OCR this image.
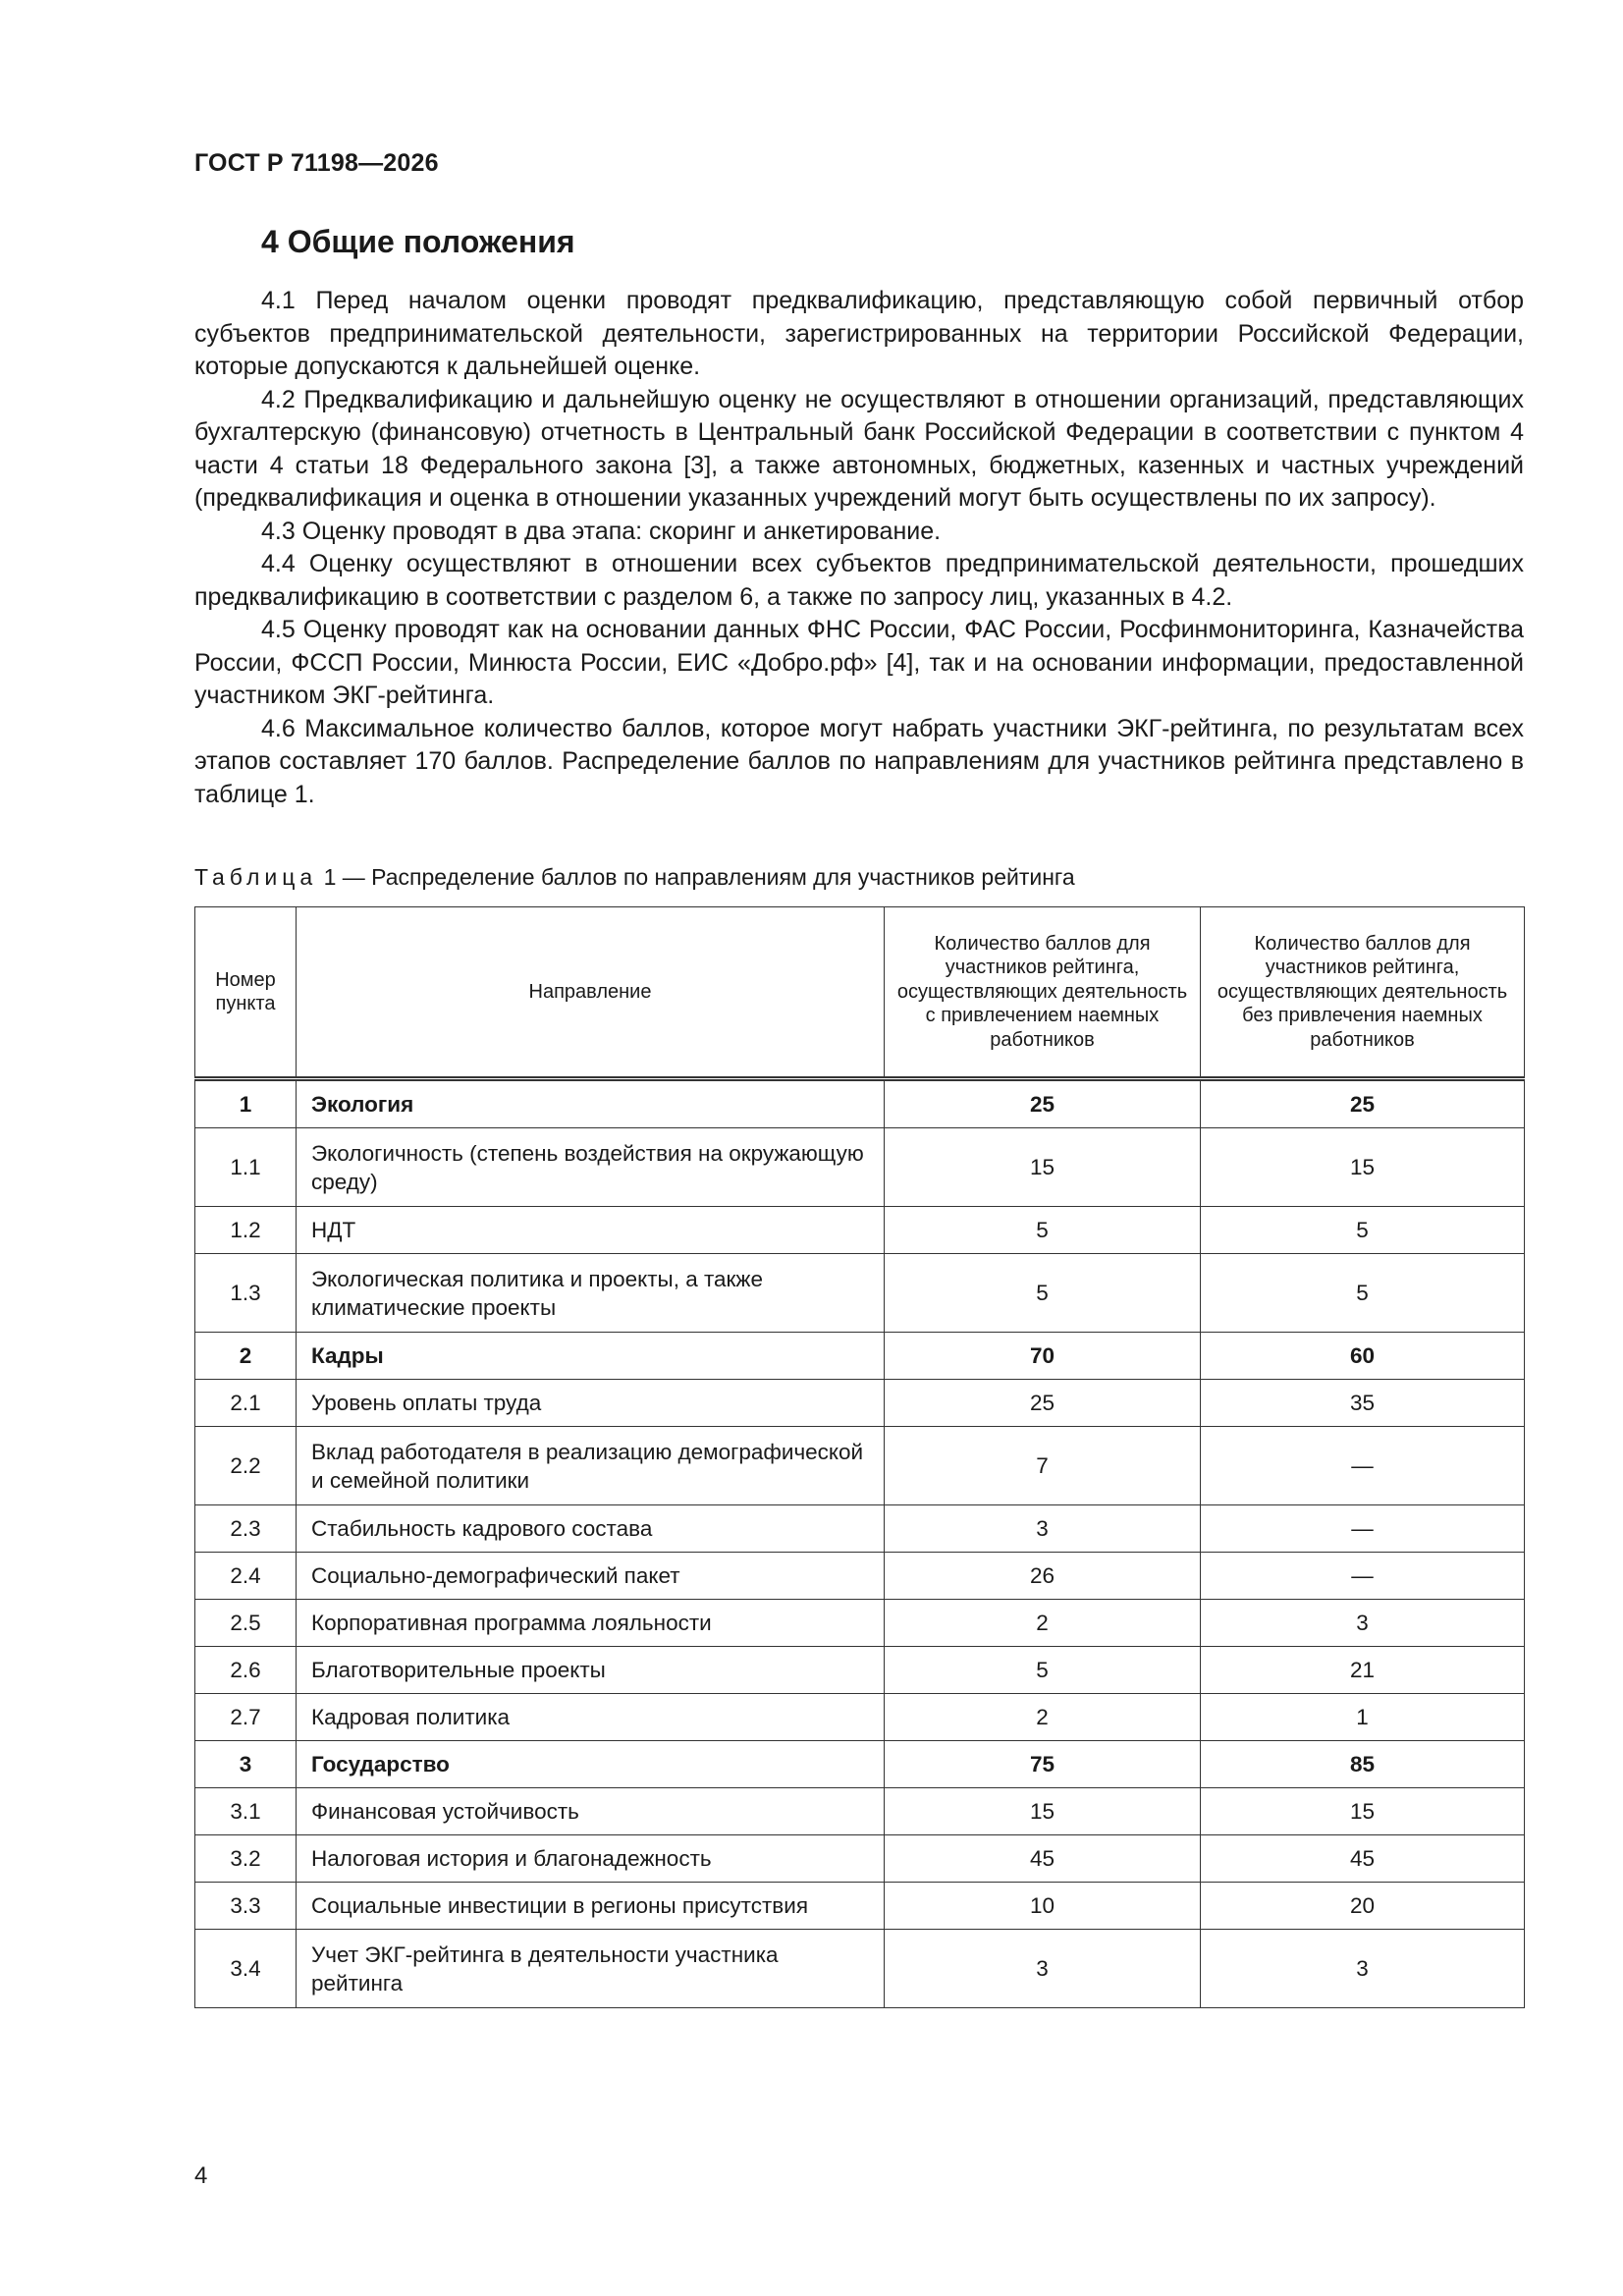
ГОСТ Р 71198—2026
4 Общие положения

4.1 Перед началом оценки проводят предквалификацию, представляющую собой первичный отбор субъектов предпринимательской деятельности, зарегистрированных на территории Российской Федерации, которые допускаются к дальнейшей оценке.

4.2 Предквалификацию и дальнейшую оценку не осуществляют в отношении организаций, представляющих бухгалтерскую (финансовую) отчетность в Центральный банк Российской Федерации в соответствии с пунктом 4 части 4 статьи 18 Федерального закона [3], а также автономных, бюджетных, казенных и частных учреждений (предквалификация и оценка в отношении указанных учреждений могут быть осуществлены по их запросу).

4.3 Оценку проводят в два этапа: скоринг и анкетирование.

4.4 Оценку осуществляют в отношении всех субъектов предпринимательской деятельности, прошедших предквалификацию в соответствии с разделом 6, а также по запросу лиц, указанных в 4.2.

4.5 Оценку проводят как на основании данных ФНС России, ФАС России, Росфинмониторинга, Казначейства России, ФССП России, Минюста России, ЕИС «Добро.рф» [4], так и на основании информации, предоставленной участником ЭКГ-рейтинга.

4.6 Максимальное количество баллов, которое могут набрать участники ЭКГ-рейтинга, по результатам всех этапов составляет 170 баллов. Распределение баллов по направлениям для участников рейтинга представлено в таблице 1.

Таблица 1 — Распределение баллов по направлениям для участников рейтинга
Номер пункта	Направление	Количество баллов для участников рейтинга, осуществляющих деятельность с привлечением наемных работников	Количество баллов для участников рейтинга, осуществляющих деятельность без привлечения наемных работников
1	Экология	25	25
1.1	Экологичность (степень воздействия на окружающую среду)	15	15
1.2	НДТ	5	5
1.3	Экологическая политика и проекты, а также климатические проекты	5	5
2	Кадры	70	60
2.1	Уровень оплаты труда	25	35
2.2	Вклад работодателя в реализацию демографической и семейной политики	7	—
2.3	Стабильность кадрового состава	3	—
2.4	Социально-демографический пакет	26	—
2.5	Корпоративная программа лояльности	2	3
2.6	Благотворительные проекты	5	21
2.7	Кадровая политика	2	1
3	Государство	75	85
3.1	Финансовая устойчивость	15	15
3.2	Налоговая история и благонадежность	45	45
3.3	Социальные инвестиции в регионы присутствия	10	20
3.4	Учет ЭКГ-рейтинга в деятельности участника рейтинга	3	3
4
